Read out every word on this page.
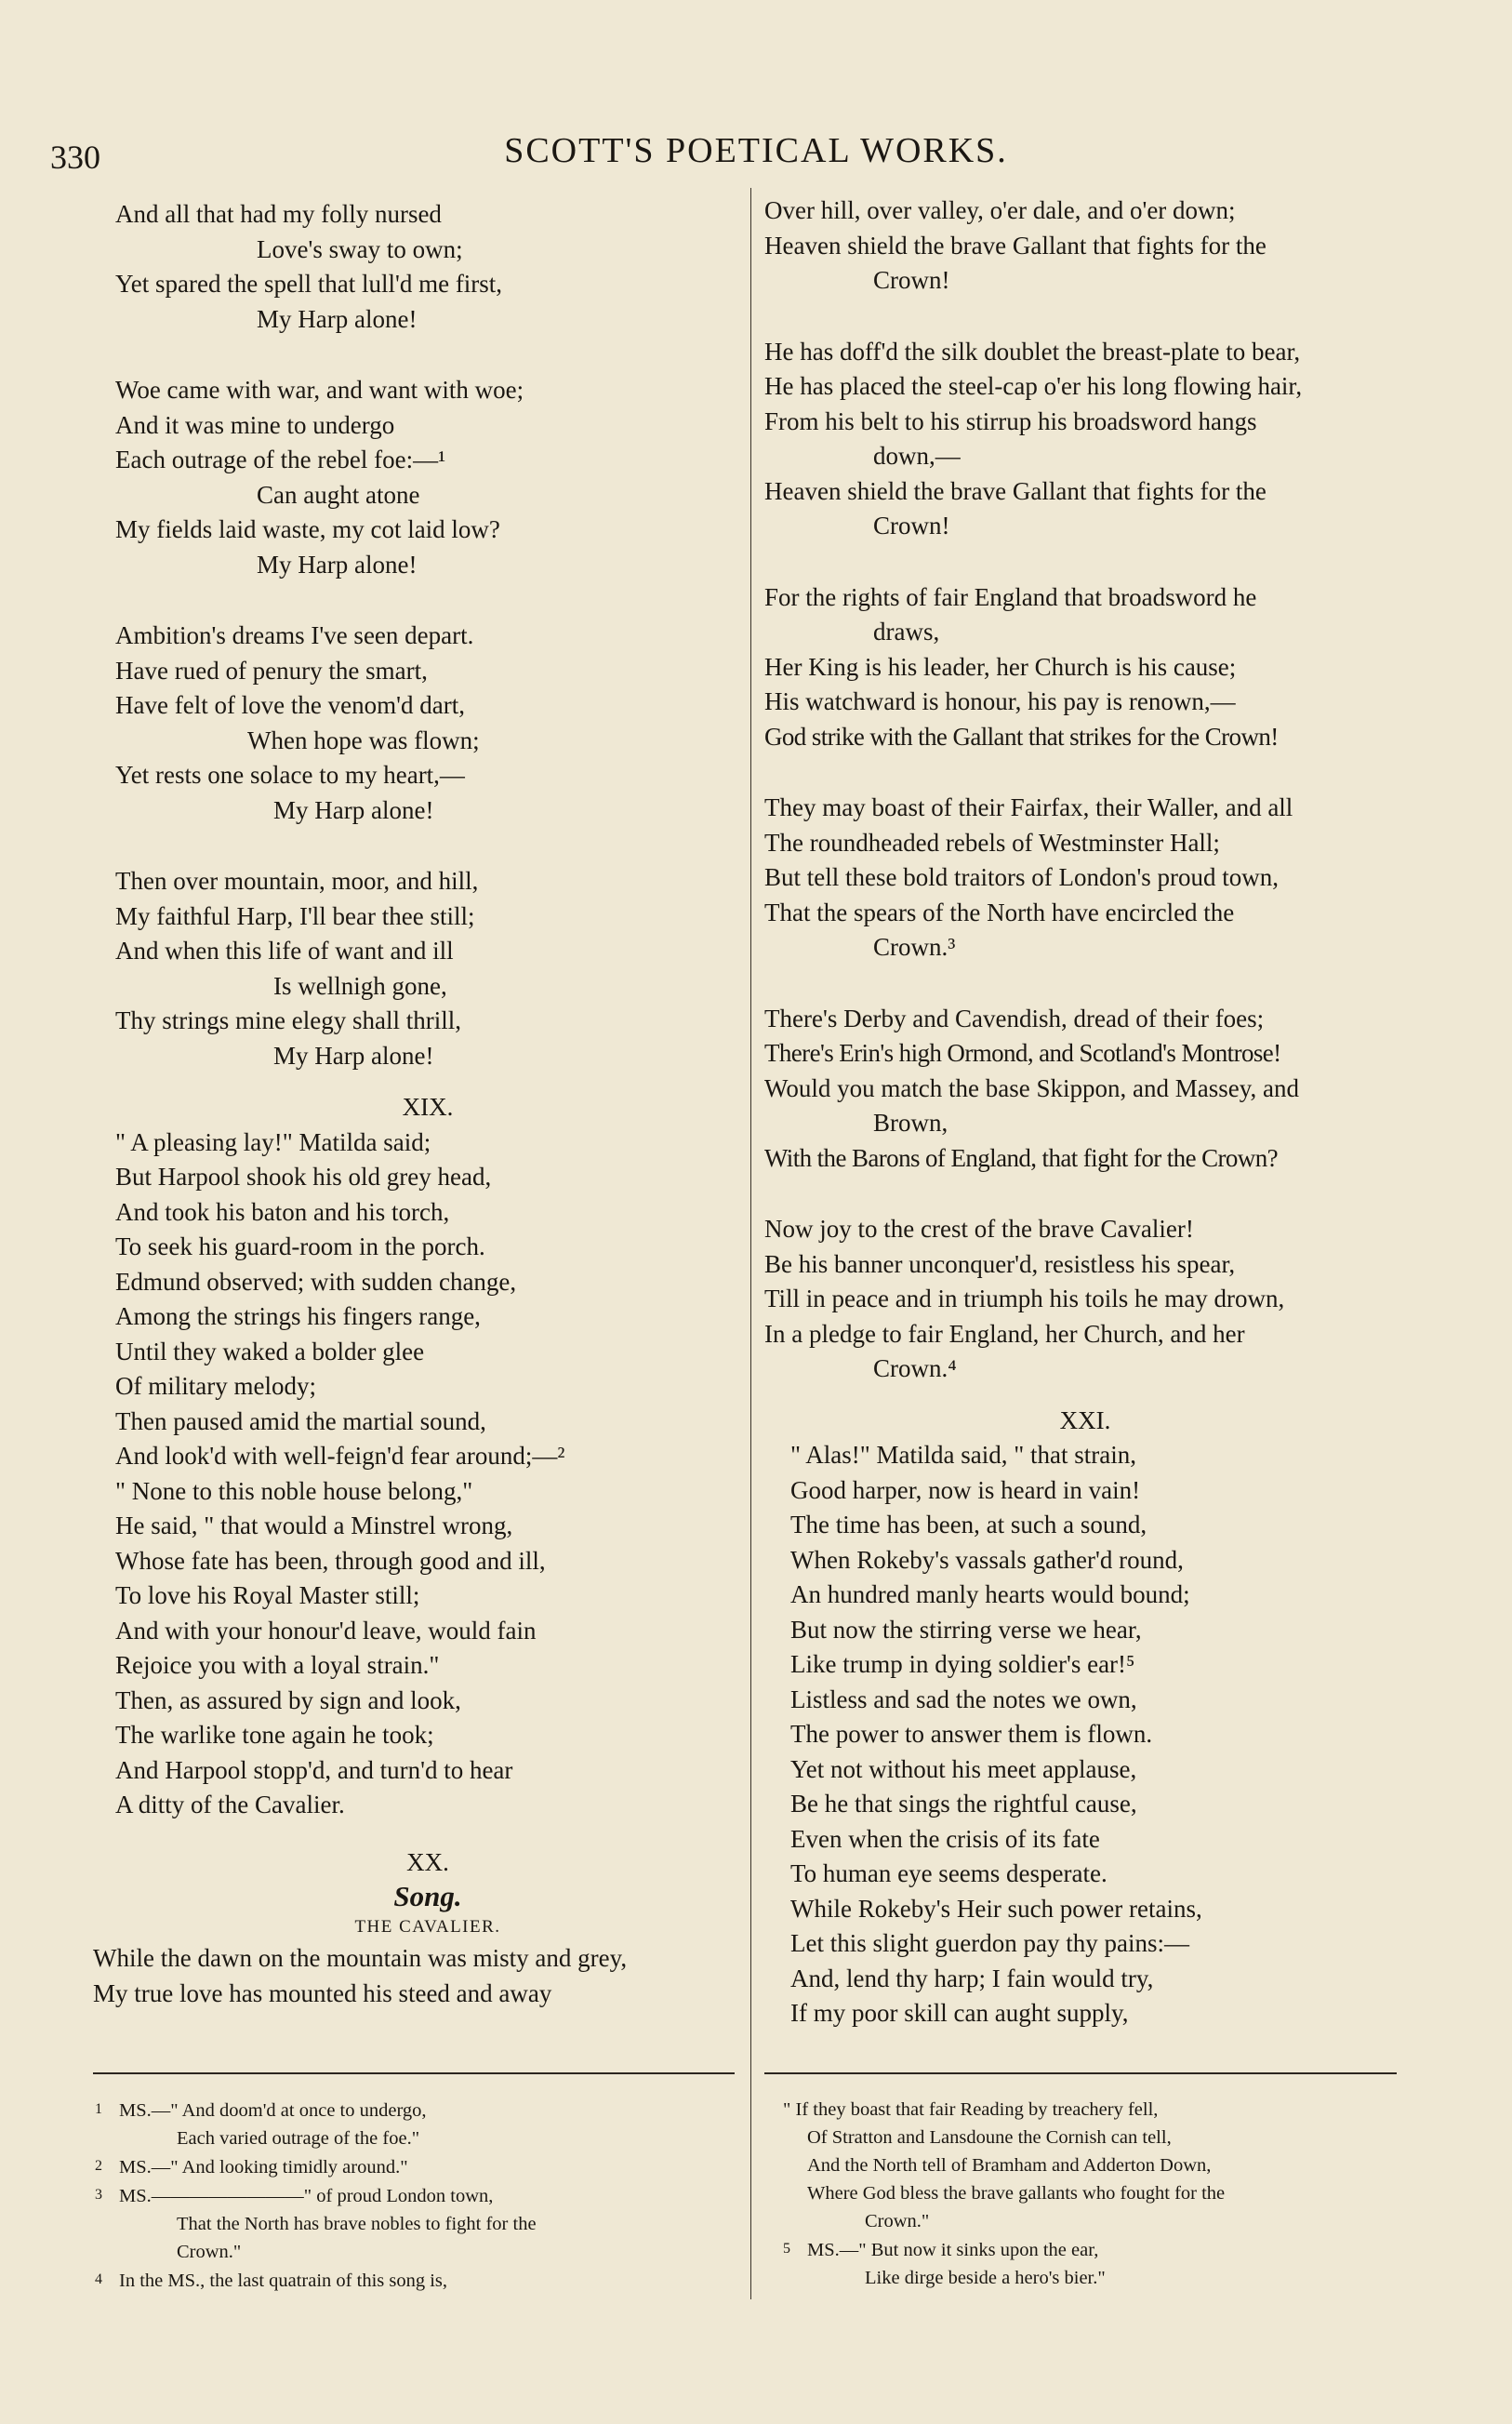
330	SCOTT'S POETICAL WORKS.
And all that had my folly nursed
Love's sway to own;
Yet spared the spell that lull'd me first,
My Harp alone!
Woe came with war, and want with woe;
And it was mine to undergo
Each outrage of the rebel foe:—¹
Can aught atone
My fields laid waste, my cot laid low?
My Harp alone!
Ambition's dreams I've seen depart.
Have rued of penury the smart,
Have felt of love the venom'd dart,
When hope was flown;
Yet rests one solace to my heart,—
My Harp alone!
Then over mountain, moor, and hill,
My faithful Harp, I'll bear thee still;
And when this life of want and ill
Is wellnigh gone,
Thy strings mine elegy shall thrill,
My Harp alone!
XIX.
" A pleasing lay!" Matilda said;
But Harpool shook his old grey head,
And took his baton and his torch,
To seek his guard-room in the porch.
Edmund observed; with sudden change,
Among the strings his fingers range,
Until they waked a bolder glee
Of military melody;
Then paused amid the martial sound,
And look'd with well-feign'd fear around;—²
" None to this noble house belong,"
He said, " that would a Minstrel wrong,
Whose fate has been, through good and ill,
To love his Royal Master still;
And with your honour'd leave, would fain
Rejoice you with a loyal strain."
Then, as assured by sign and look,
The warlike tone again he took;
And Harpool stopp'd, and turn'd to hear
A ditty of the Cavalier.
XX.
Song.
THE CAVALIER.
While the dawn on the mountain was misty and grey,
My true love has mounted his steed and away
Over hill, over valley, o'er dale, and o'er down;
Heaven shield the brave Gallant that fights for the
Crown!
He has doff'd the silk doublet the breast-plate to bear,
He has placed the steel-cap o'er his long flowing hair,
From his belt to his stirrup his broadsword hangs
down,—
Heaven shield the brave Gallant that fights for the
Crown!
For the rights of fair England that broadsword he
draws,
Her King is his leader, her Church is his cause;
His watchward is honour, his pay is renown,—
God strike with the Gallant that strikes for the Crown!
They may boast of their Fairfax, their Waller, and all
The roundheaded rebels of Westminster Hall;
But tell these bold traitors of London's proud town,
That the spears of the North have encircled the
Crown.³
There's Derby and Cavendish, dread of their foes;
There's Erin's high Ormond, and Scotland's Montrose!
Would you match the base Skippon, and Massey, and
Brown,
With the Barons of England, that fight for the Crown?
Now joy to the crest of the brave Cavalier!
Be his banner unconquer'd, resistless his spear,
Till in peace and in triumph his toils he may drown,
In a pledge to fair England, her Church, and her
Crown.⁴
XXI.
" Alas!" Matilda said, " that strain,
Good harper, now is heard in vain!
The time has been, at such a sound,
When Rokeby's vassals gather'd round,
An hundred manly hearts would bound;
But now the stirring verse we hear,
Like trump in dying soldier's ear!⁵
Listless and sad the notes we own,
The power to answer them is flown.
Yet not without his meet applause,
Be he that sings the rightful cause,
Even when the crisis of its fate
To human eye seems desperate.
While Rokeby's Heir such power retains,
Let this slight guerdon pay thy pains:—
And, lend thy harp; I fain would try,
If my poor skill can aught supply,
1 MS.—" And doom'd at once to undergo,
Each varied outrage of the foe."
2 MS.—" And looking timidly around."
3 MS.————————" of proud London town,
That the North has brave nobles to fight for the
Crown."
4 In the MS., the last quatrain of this song is,
" If they boast that fair Reading by treachery fell,
Of Stratton and Lansdoune the Cornish can tell,
And the North tell of Bramham and Adderton Down,
Where God bless the brave gallants who fought for the
Crown."
5 MS.—" But now it sinks upon the ear,
Like dirge beside a hero's bier."
